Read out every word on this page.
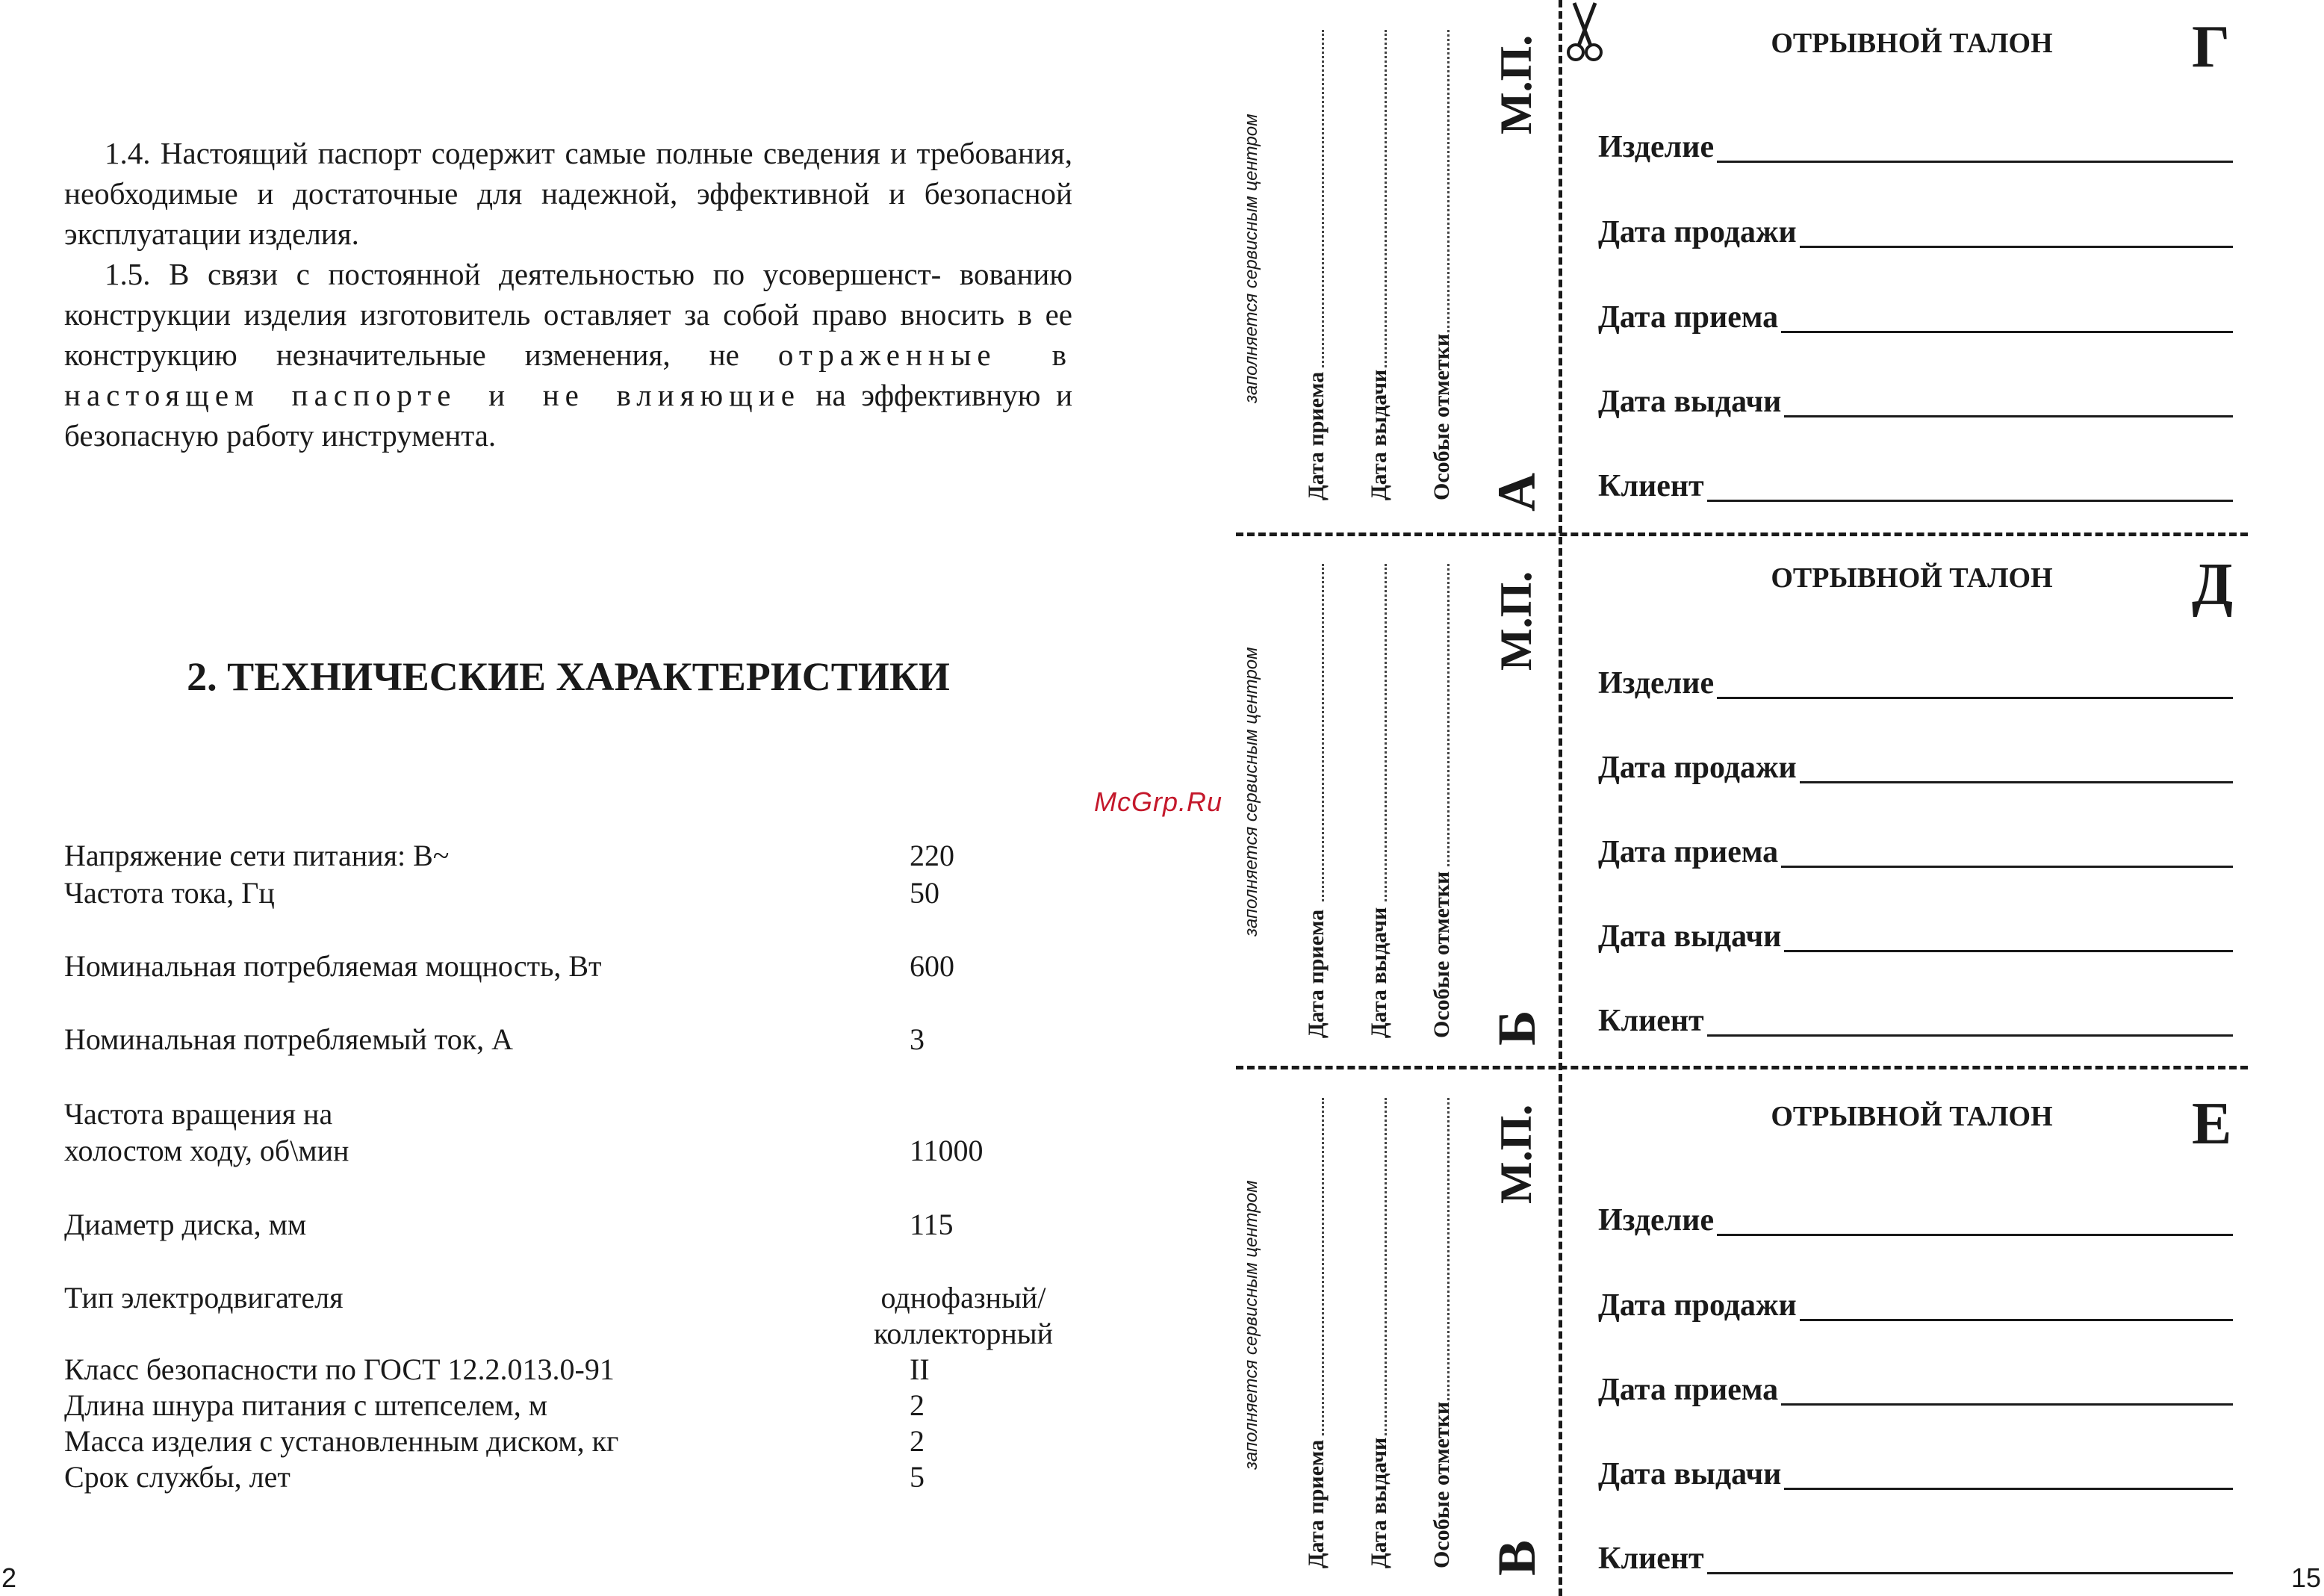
1.4. Настоящий паспорт содержит самые полные сведения и требования, необходимые и достаточные для надежной, эффективной и безопасной эксплуатации изделия.

1.5. В связи с постоянной деятельностью по усовершенст- вованию конструкции изделия изготовитель оставляет за собой право вносить в ее конструкцию незначительные изменения, не отраженные в настоящем паспорте и не влияющие на эффективную и безопасную работу инструмента.

2. ТЕХНИЧЕСКИЕ ХАРАКТЕРИСТИКИ
Напряжение сети питания: В~	220
Частота тока, Гц	50
Номинальная потребляемая мощность, Вт	600
Номинальная потребляемый ток, А	3
Частота вращения на
холостом ходу, об\мин	11000
Диаметр диска, мм	115
Тип электродвигателя	однофазный/
коллекторный
Класс безопасности по ГОСТ 12.2.013.0-91	II
Длина шнура питания с штепселем, м	2
Масса изделия с установленным диском, кг	2
Срок службы, лет	5
2
McGrp.Ru
заполняется сервисным центром
Дата приема Дата выдачи Особые отметки
М.П.
А
заполняется сервисным центром
Дата приема Дата выдачи Особые отметки
М.П.
Б
заполняется сервисным центром
Дата приема Дата выдачи Особые отметки
М.П.
В
ОТРЫВНОЙ ТАЛОН	Г
Изделие
Дата продажи
Дата приема
Дата выдачи
Клиент
ОТРЫВНОЙ ТАЛОН	Д
Изделие
Дата продажи
Дата приема
Дата выдачи
Клиент
ОТРЫВНОЙ ТАЛОН	Е
Изделие
Дата продажи
Дата приема
Дата выдачи
Клиент
15
